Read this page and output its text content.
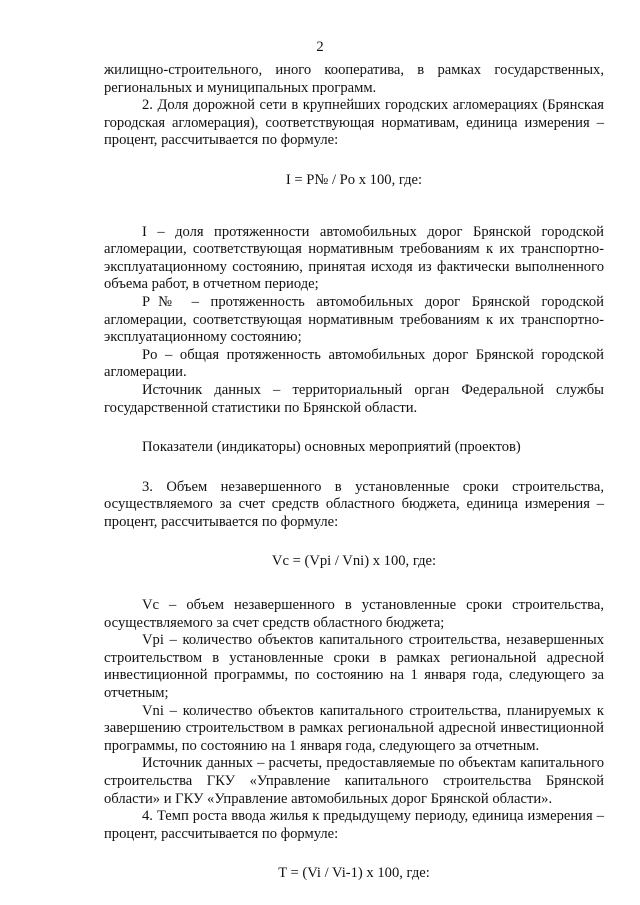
2

жилищно-строительного, иного кооператива, в рамках государственных, региональных и муниципальных программ.

2. Доля дорожной сети в крупнейших городских агломерациях (Брянская городская агломерация), соответствующая нормативам, единица измерения – процент, рассчитывается по формуле:

I = P№ / Po x 100, где:

I – доля протяженности автомобильных дорог Брянской городской агломерации, соответствующая нормативным требованиям к их транспортно-эксплуатационному состоянию, принятая исходя из фактически выполненного объема работ, в отчетном периоде;

P№ – протяженность автомобильных дорог Брянской городской агломерации, соответствующая нормативным требованиям к их транспортно-эксплуатационному состоянию;

Po – общая протяженность автомобильных дорог Брянской городской агломерации.

Источник данных – территориальный орган Федеральной службы государственной статистики по Брянской области.

Показатели (индикаторы) основных мероприятий (проектов)

3. Объем незавершенного в установленные сроки строительства, осуществляемого за счет средств областного бюджета, единица измерения – процент, рассчитывается по формуле:

Vc = (Vpi / Vni) x 100, где:

Vc – объем незавершенного в установленные сроки строительства, осуществляемого за счет средств областного бюджета;

Vpi – количество объектов капитального строительства, незавершенных строительством в установленные сроки в рамках региональной адресной инвестиционной программы, по состоянию на 1 января года, следующего за отчетным;

Vni – количество объектов капитального строительства, планируемых к завершению строительством в рамках региональной адресной инвестиционной программы, по состоянию на 1 января года, следующего за отчетным.

Источник данных – расчеты, предоставляемые по объектам капитального строительства ГКУ «Управление капитального строительства Брянской области» и ГКУ «Управление автомобильных дорог Брянской области».

4. Темп роста ввода жилья к предыдущему периоду, единица измерения – процент, рассчитывается по формуле:

T = (Vi / Vi-1) x 100, где:
